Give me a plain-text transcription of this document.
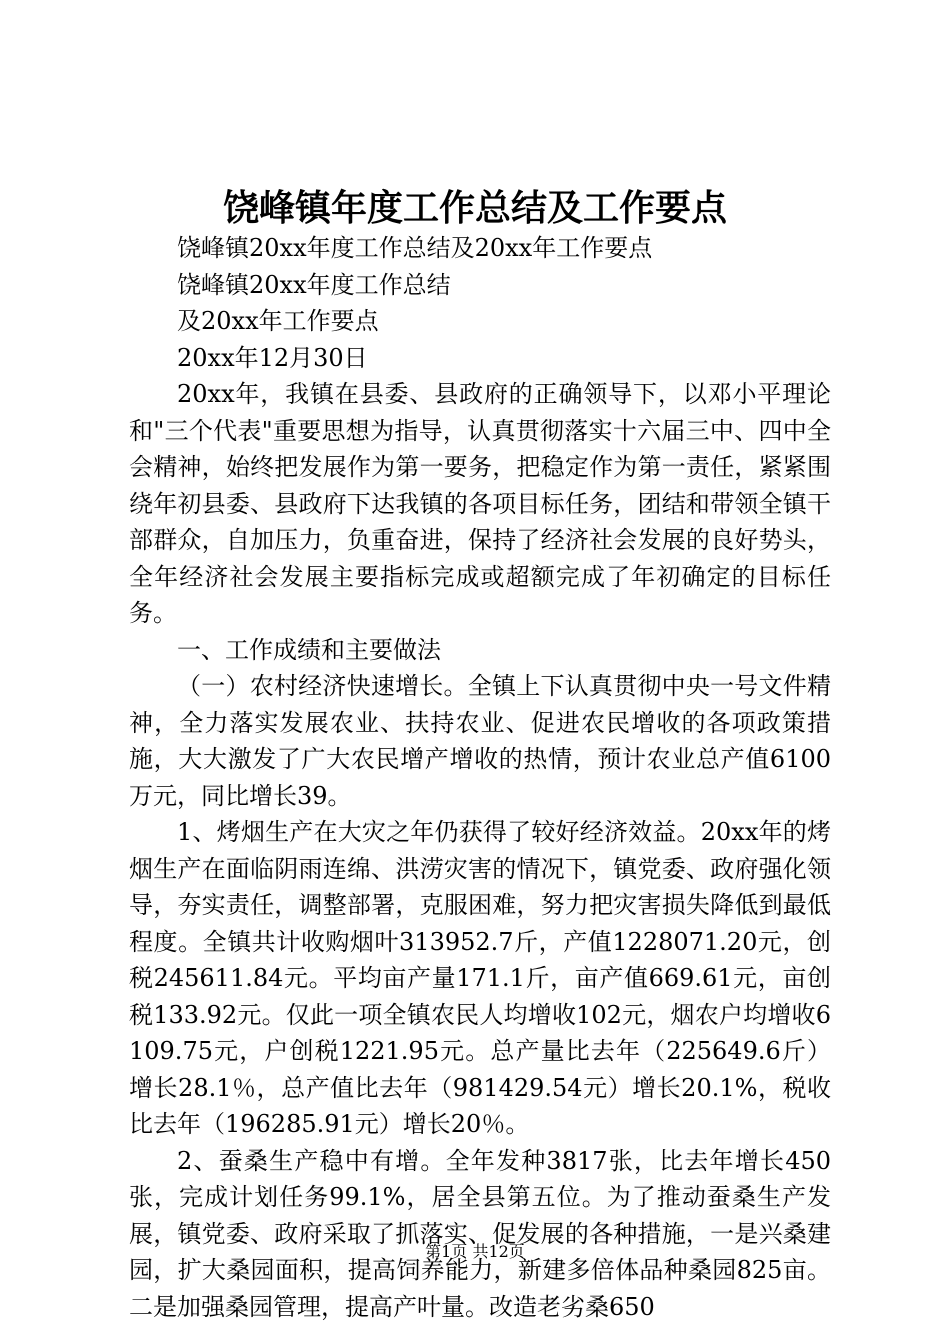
饶峰镇年度工作总结及工作要点

饶峰镇20xx年度工作总结及20xx年工作要点

饶峰镇20xx年度工作总结

及20xx年工作要点

20xx年12月30日

20xx年，我镇在县委、县政府的正确领导下，以邓小平理论和"三个代表"重要思想为指导，认真贯彻落实十六届三中、四中全会精神，始终把发展作为第一要务，把稳定作为第一责任，紧紧围绕年初县委、县政府下达我镇的各项目标任务，团结和带领全镇干部群众，自加压力，负重奋进，保持了经济社会发展的良好势头，全年经济社会发展主要指标完成或超额完成了年初确定的目标任务。

一、工作成绩和主要做法

（一）农村经济快速增长。全镇上下认真贯彻中央一号文件精神，全力落实发展农业、扶持农业、促进农民增收的各项政策措施，大大激发了广大农民增产增收的热情，预计农业总产值6100万元，同比增长39。

1、烤烟生产在大灾之年仍获得了较好经济效益。20xx年的烤烟生产在面临阴雨连绵、洪涝灾害的情况下，镇党委、政府强化领导，夯实责任，调整部署，克服困难，努力把灾害损失降低到最低程度。全镇共计收购烟叶313952.7斤，产值1228071.20元，创税245611.84元。平均亩产量171.1斤，亩产值669.61元，亩创税133.92元。仅此一项全镇农民人均增收102元，烟农户均增收6109.75元，户创税1221.95元。总产量比去年（225649.6斤）增长28.1％，总产值比去年（981429.54元）增长20.1%，税收比去年（196285.91元）增长20％。

2、蚕桑生产稳中有增。全年发种3817张，比去年增长450张，完成计划任务99.1%，居全县第五位。为了推动蚕桑生产发展，镇党委、政府采取了抓落实、促发展的各种措施，一是兴桑建园，扩大桑园面积，提高饲养能力，新建多倍体品种桑园825亩。二是加强桑园管理，提高产叶量。改造老劣桑650

第1页 共12页
